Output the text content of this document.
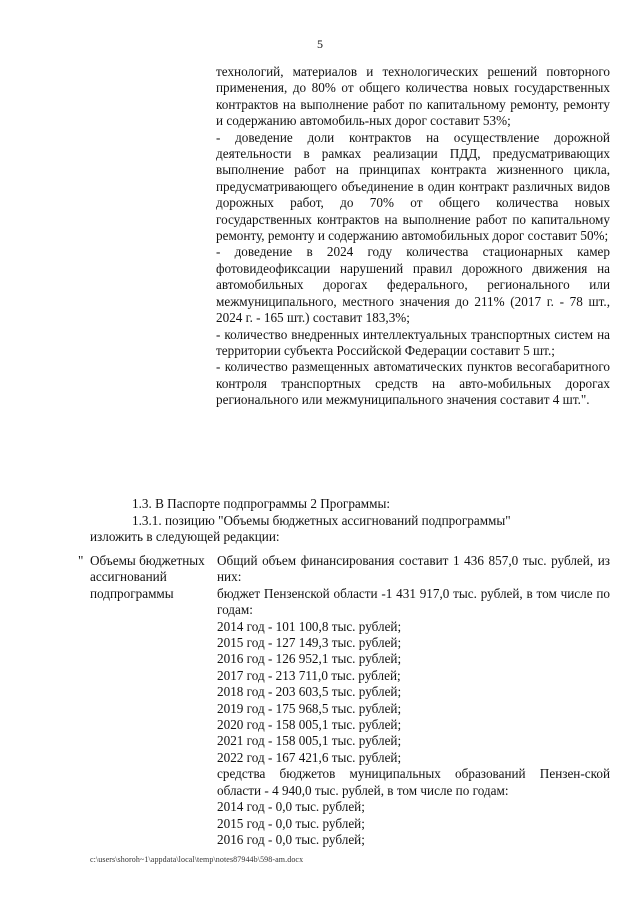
5

технологий, материалов и технологических решений повторного применения, до 80% от общего количества новых государственных контрактов на выполнение работ по капитальному ремонту, ремонту и содержанию автомобиль-ных дорог составит 53%;

- доведение доли контрактов на осуществление дорожной деятельности в рамках реализации ПДД, предусматривающих выполнение работ на принципах контракта жизненного цикла, предусматривающего объединение в один контракт различных видов дорожных работ, до 70% от общего количества новых государственных контрактов на выполнение работ по капитальному ремонту, ремонту и содержанию автомобильных дорог составит 50%;

- доведение в 2024 году количества стационарных камер фотовидеофиксации нарушений правил дорожного движения на автомобильных дорогах федерального, регионального или межмуниципального, местного значения до 211% (2017 г. - 78 шт., 2024 г. - 165 шт.) составит 183,3%;

- количество внедренных интеллектуальных транспортных систем на территории субъекта Российской Федерации составит 5 шт.;

- количество размещенных автоматических пунктов весогабаритного контроля транспортных средств на авто-мобильных дорогах регионального или межмуниципального значения составит 4 шт.".

1.3. В Паспорте подпрограммы 2 Программы:
1.3.1. позицию "Объемы бюджетных ассигнований подпрограммы"
изложить в следующей редакции:
" Объемы бюджетных ассигнований подпрограммы

Общий объем финансирования составит 1 436 857,0 тыс. рублей, из них:

бюджет Пензенской области -1 431 917,0 тыс. рублей, в том числе по годам:

2014 год - 101 100,8 тыс. рублей;
2015 год - 127 149,3 тыс. рублей;
2016 год - 126 952,1 тыс. рублей;
2017 год - 213 711,0 тыс. рублей;
2018 год - 203 603,5 тыс. рублей;
2019 год - 175 968,5 тыс. рублей;
2020 год - 158 005,1 тыс. рублей;
2021 год - 158 005,1 тыс. рублей;
2022 год - 167 421,6 тыс. рублей;

средства бюджетов муниципальных образований Пензен-ской области - 4 940,0 тыс. рублей, в том числе по годам:

2014 год - 0,0 тыс. рублей;
2015 год - 0,0 тыс. рублей;
2016 год - 0,0 тыс. рублей;
c:\users\shoroh~1\appdata\local\temp\notes87944b\598-am.docx
